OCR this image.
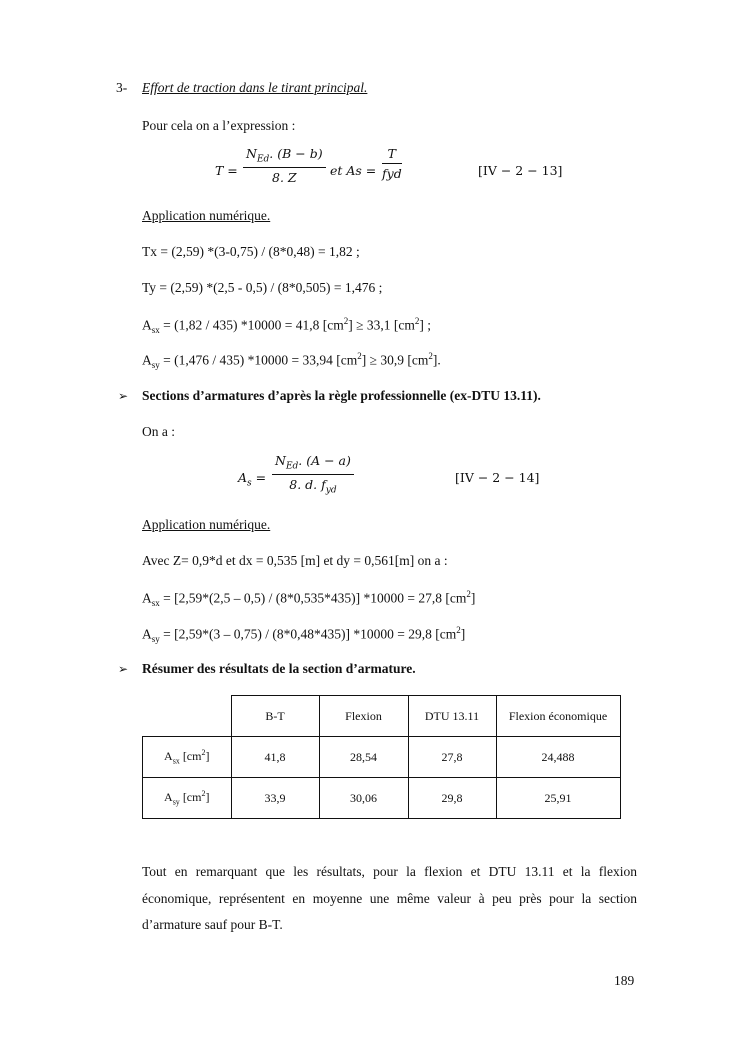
3- Effort de traction dans le tirant principal.
Pour cela on a l’expression :
T =
$N_{Ed}$. (B − b)
8. Z	et As =
T
fyd	[IV − 2 − 13]
Application numérique.
Tx = (2,59) *(3-0,75) / (8*0,48) = 1,82 ;
Ty = (2,59) *(2,5 - 0,5) / (8*0,505) = 1,476 ;
$A_{sx} = (1,82 / 435) *10000 = 41,8$ $[cm^2] \ge 33,1$ $[cm^2]$ ;
$A_{sy} = (1,476 / 435) *10000 = 33,94$ $[cm^2] \ge 30,9$ $[cm^2]$.
➢ Sections d’armatures d’après la règle professionnelle (ex-DTU 13.11).
On a :
$A_s$ =
$N_{Ed}$. (A − a)
8. d. $f_{yd}$
[IV − 2 − 14]
Application numérique.
Avec Z= 0,9*d et dx = 0,535 [m] et dy = 0,561[m] on a :
$A_{sx} = [2,59*(2,5 - 0,5) / (8*0,535*435)] *10000 = 27,8$ $[cm^2]$
$A_{sy} = [2,59*(3 - 0,75) / (8*0,48*435)] *10000 = 29,8$ $[cm^2]$
➢ Résumer des résultats de la section d’armature.
	B-T	Flexion	DTU 13.11	Flexion économique
$A_{sx}$ $[cm^2]$	41,8	28,54	27,8	24,488
$A_{sy}$ $[cm^2]$	33,9	30,06	29,8	25,91
Tout en remarquant que les résultats, pour la flexion et DTU 13.11 et la flexion
économique, représentent en moyenne une même valeur à peu près pour la section
d’armature sauf pour B-T.
189
